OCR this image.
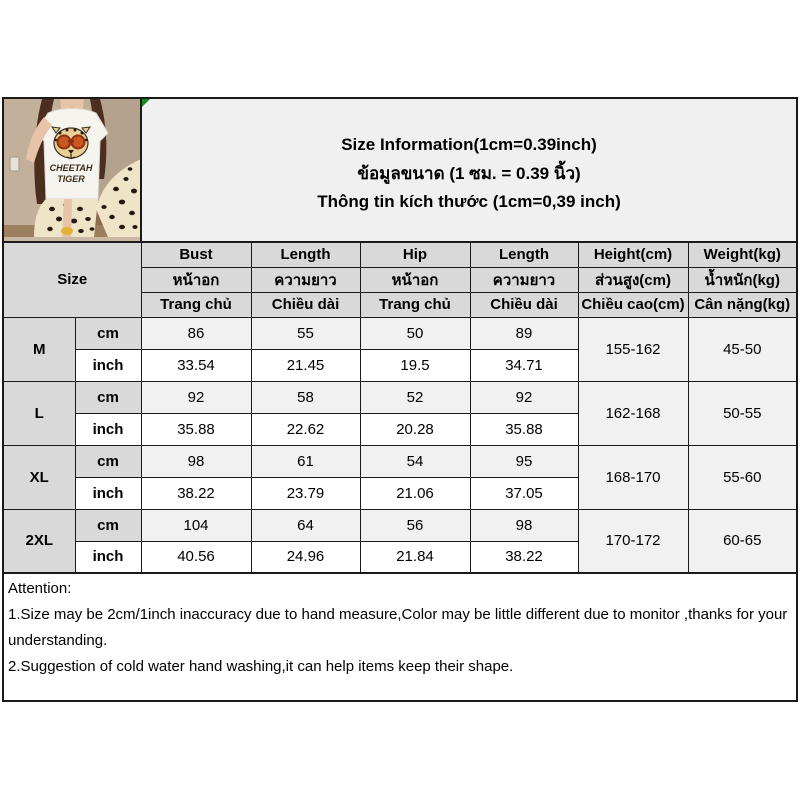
CHEETAH
TIGER

Size Information(1cm=0.39inch)
ข้อมูลขนาด (1 ซม. = 0.39 นิ้ว)
Thông tin kích thước (1cm=0,39 inch)

Size		Bust	Length	Hip	Length	Height(cm)	Weight(kg)
		หน้าอก	ความยาว	หน้าอก	ความยาว	ส่วนสูง(cm)	น้ำหนัก(kg)
		Trang chủ	Chiều dài	Trang chủ	Chiều dài	Chiều cao(cm)	Cân nặng(kg)
M	cm	86	55	50	89	155-162	45-50
	inch	33.54	21.45	19.5	34.71		
L	cm	92	58	52	92	162-168	50-55
	inch	35.88	22.62	20.28	35.88		
XL	cm	98	61	54	95	168-170	55-60
	inch	38.22	23.79	21.06	37.05		
2XL	cm	104	64	56	98	170-172	60-65
	inch	40.56	24.96	21.84	38.22		

Attention:
1.Size may be 2cm/1inch inaccuracy due to hand measure,Color may be little different due to monitor ,thanks for your understanding.
2.Suggestion of cold water hand washing,it can help items keep their shape.							
